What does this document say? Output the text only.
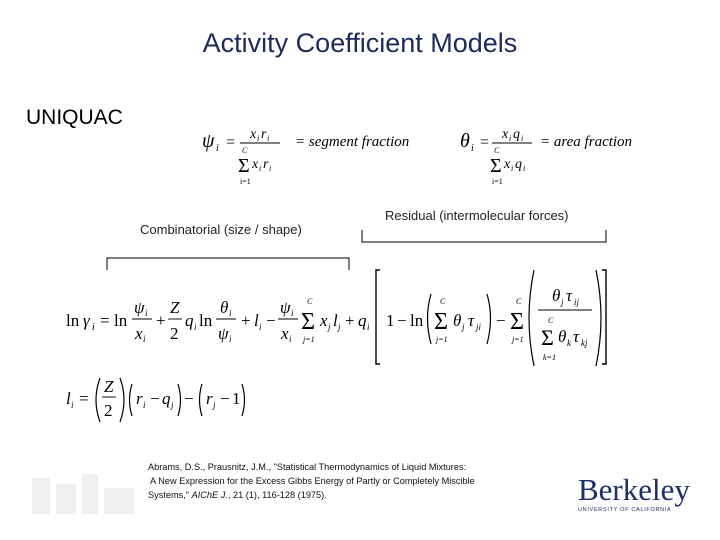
Activity Coefficient Models
UNIQUAC
ψ i = x i r i
C
Σ
i=1
x i r i
= segment fraction	θ i = x i q i
C
Σ
i=1
x i q i
= area fraction
Combinatorial (size / shape)
Residual (intermolecular forces)
ln γ i = ln
ψ i
x i
+
Z
2
q i ln
θ i
ψ i
+ l i −
ψ i
x i
C
Σ
j=1
x j l j + q i 1 − ln
C
Σ
j=1
θ j τ ji −
C
Σ
j=1
θ j τ ij
C
Σ
k=1
θ k τ kj
l i =
Z
2
r i − q j − r j − 1
Abrams, D.S., Prausnitz, J.M., "Statistical Thermodynamics of Liquid Mixtures:
A New Expression for the Excess Gibbs Energy of Partly or Completely Miscible
Systems," AIChE J., 21 (1), 116-128 (1975).	Berkeley
UNIVERSITY OF CALIFORNIA
